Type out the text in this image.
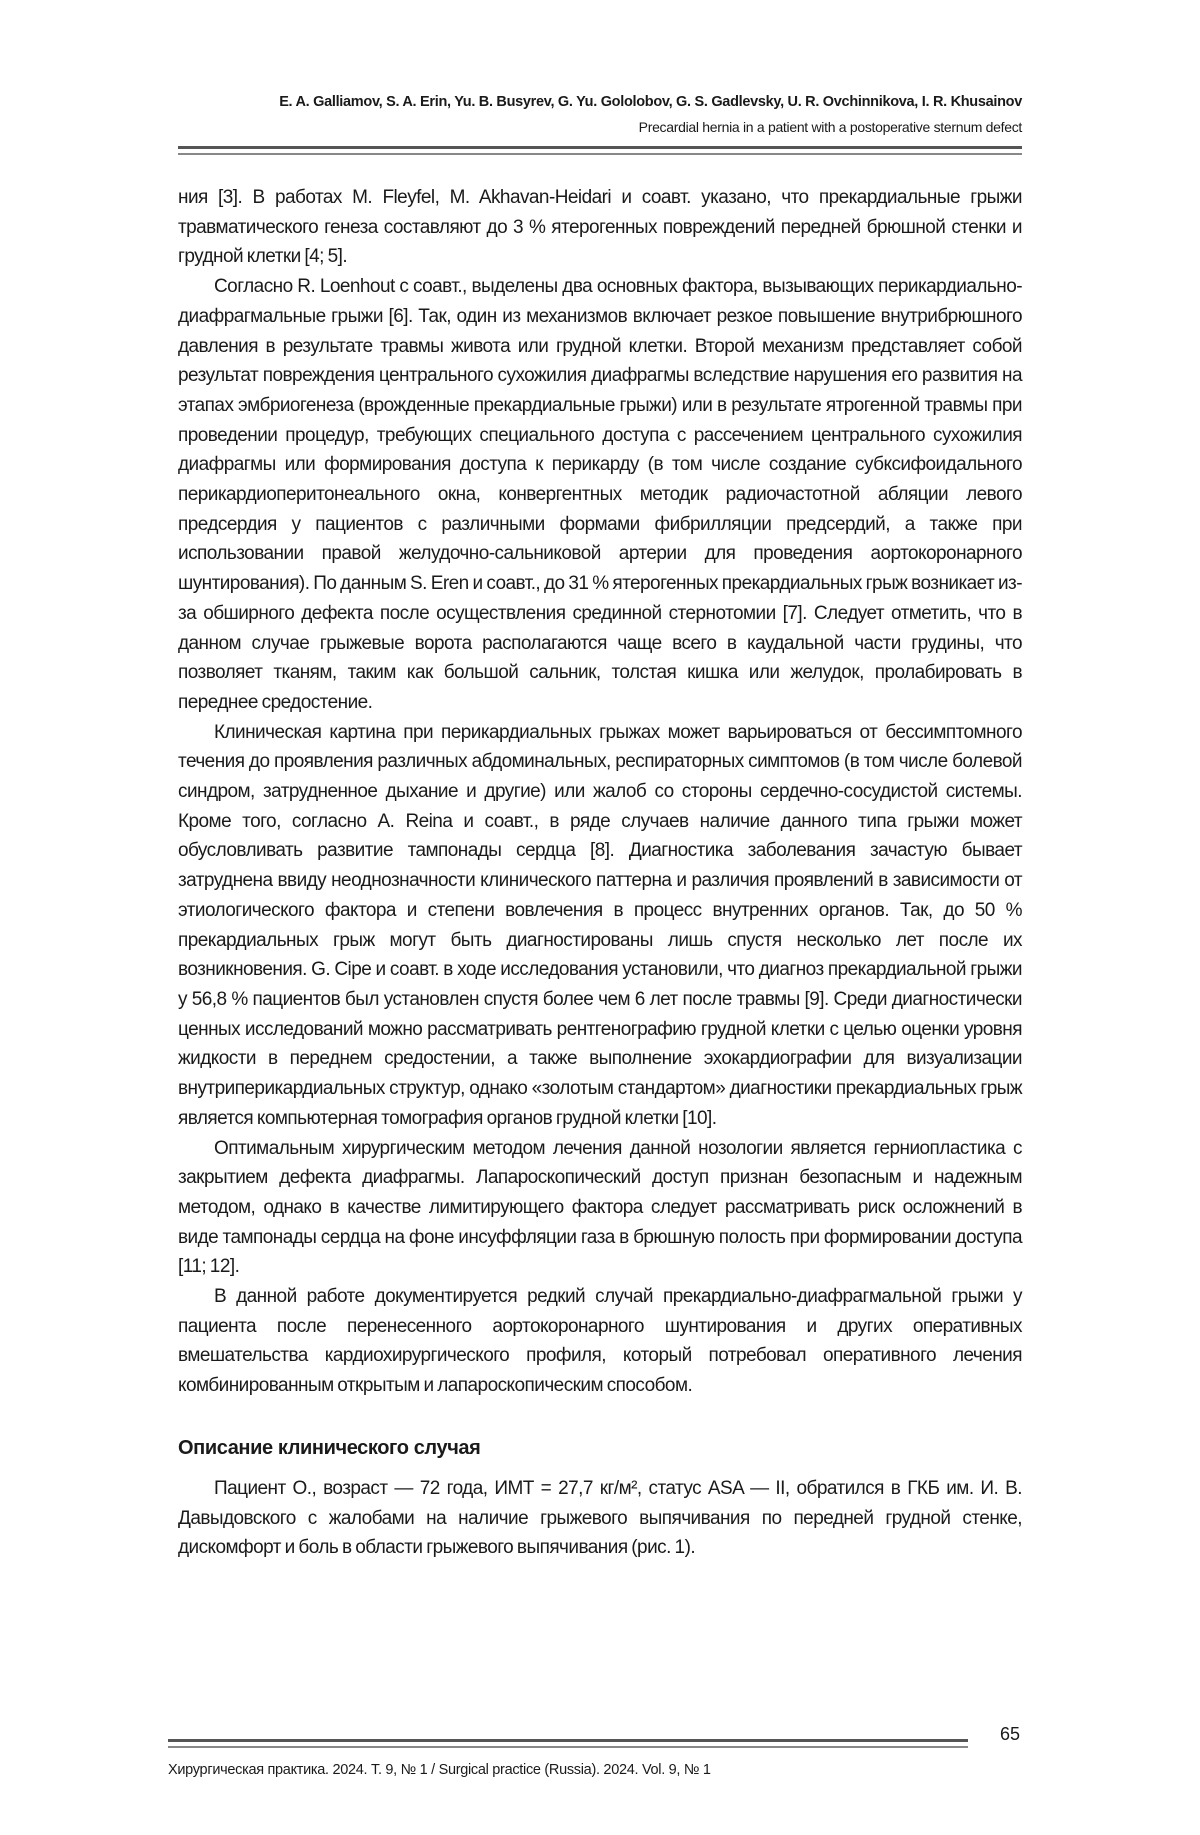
E. A. Galliamov, S. A. Erin, Yu. B. Busyrev, G. Yu. Gololobov, G. S. Gadlevsky, U. R. Ovchinnikova, I. R. Khusainov
Precardial hernia in a patient with a postoperative sternum defect

ния [3]. В работах M. Fleyfel, M. Akhavan-Heidari и соавт. указано, что прекардиальные грыжи травматического генеза составляют до 3 % ятерогенных повреждений передней брюшной стенки и грудной клетки [4; 5].

Согласно R. Loenhout с соавт., выделены два основных фактора, вызывающих перикардиально-диафрагмальные грыжи [6]. Так, один из механизмов включает резкое повышение внутрибрюшного давления в результате травмы живота или грудной клетки. Второй механизм представляет собой результат повреждения центрального сухожилия диафрагмы вследствие нарушения его развития на этапах эмбриогенеза (врожденные прекардиальные грыжи) или в результате ятрогенной травмы при проведении процедур, требующих специального доступа с рассечением центрального сухожилия диафрагмы или формирования доступа к перикарду (в том числе создание субксифоидального перикардиоперитонеального окна, конвергентных методик радиочастотной абляции левого предсердия у пациентов с различными формами фибрилляции предсердий, а также при использовании правой желудочно-сальниковой артерии для проведения аортокоронарного шунтирования). По данным S. Eren и соавт., до 31 % ятерогенных прекардиальных грыж возникает из-за обширного дефекта после осуществления срединной стернотомии [7]. Следует отметить, что в данном случае грыжевые ворота располагаются чаще всего в каудальной части грудины, что позволяет тканям, таким как большой сальник, толстая кишка или желудок, пролабировать в переднее средостение.

Клиническая картина при перикардиальных грыжах может варьироваться от бессимптомного течения до проявления различных абдоминальных, респираторных симптомов (в том числе болевой синдром, затрудненное дыхание и другие) или жалоб со стороны сердечно-сосудистой системы. Кроме того, согласно A. Reina и соавт., в ряде случаев наличие данного типа грыжи может обусловливать развитие тампонады сердца [8]. Диагностика заболевания зачастую бывает затруднена ввиду неоднозначности клинического паттерна и различия проявлений в зависимости от этиологического фактора и степени вовлечения в процесс внутренних органов. Так, до 50 % прекардиальных грыж могут быть диагностированы лишь спустя несколько лет после их возникновения. G. Cipe и соавт. в ходе исследования установили, что диагноз прекардиальной грыжи у 56,8 % пациентов был установлен спустя более чем 6 лет после травмы [9]. Среди диагностически ценных исследований можно рассматривать рентгенографию грудной клетки с целью оценки уровня жидкости в переднем средостении, а также выполнение эхокардиографии для визуализации внутриперикардиальных структур, однако «золотым стандартом» диагностики прекардиальных грыж является компьютерная томография органов грудной клетки [10].

Оптимальным хирургическим методом лечения данной нозологии является герниопластика с закрытием дефекта диафрагмы. Лапароскопический доступ признан безопасным и надежным методом, однако в качестве лимитирующего фактора следует рассматривать риск осложнений в виде тампонады сердца на фоне инсуффляции газа в брюшную полость при формировании доступа [11; 12].

В данной работе документируется редкий случай прекардиально-диафрагмальной грыжи у пациента после перенесенного аортокоронарного шунтирования и других оперативных вмешательства кардиохирургического профиля, который потребовал оперативного лечения комбинированным открытым и лапароскопическим способом.

Описание клинического случая

Пациент О., возраст — 72 года, ИМТ = 27,7 кг/м², статус ASA — II, обратился в ГКБ им. И. В. Давыдовского с жалобами на наличие грыжевого выпячивания по передней грудной стенке, дискомфорт и боль в области грыжевого выпячивания (рис. 1).

65
Хирургическая практика. 2024. Т. 9, № 1 / Surgical practice (Russia). 2024. Vol. 9, № 1
